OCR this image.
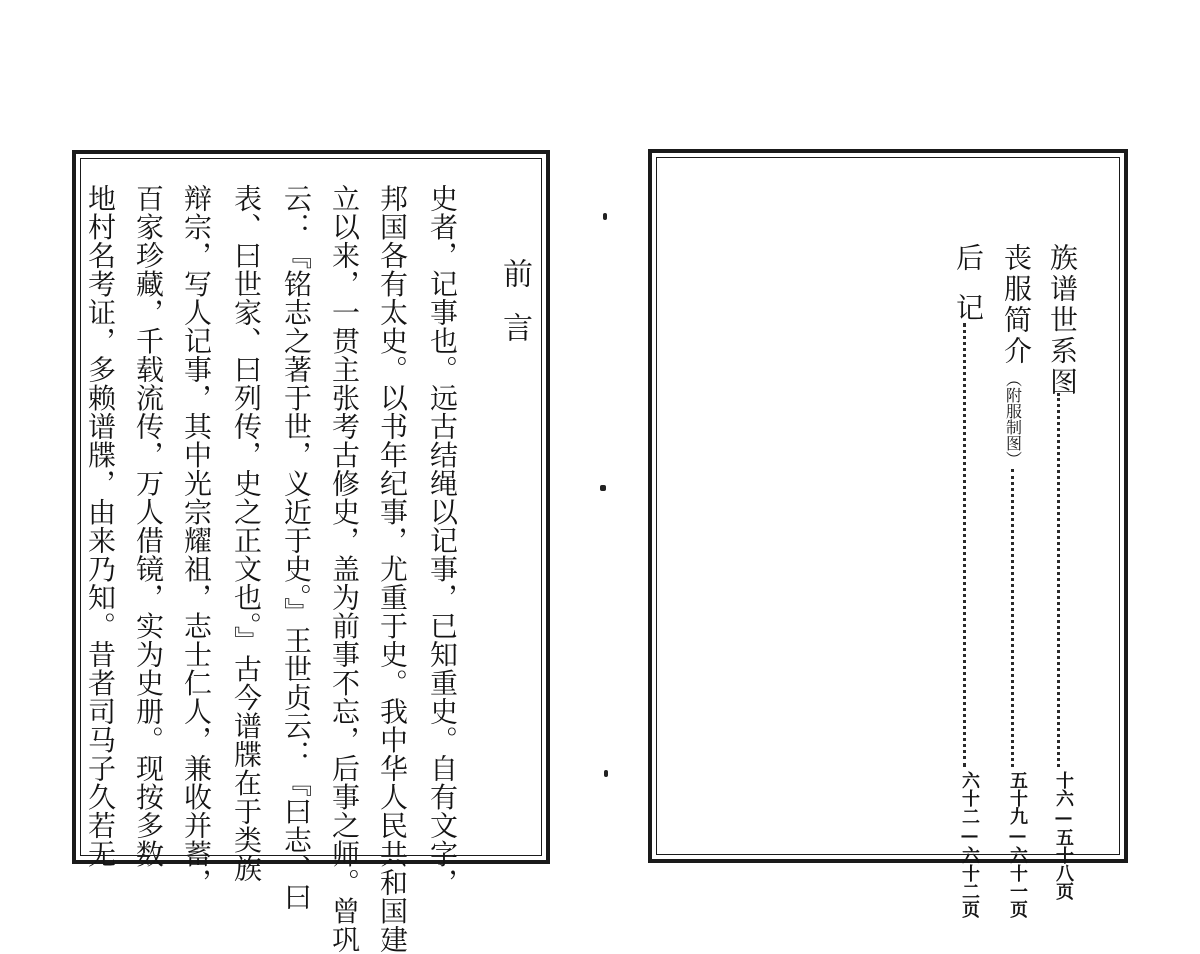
前言
史者，记事也。远古结绳以记事，已知重史。自有文字，
邦国各有太史。以书年纪事，尤重于史。我中华人民共和国建
立以来，一贯主张考古修史，盖为前事不忘，后事之师。曾巩
云：『铭志之著于世，义近于史。』王世贞云：『曰志、曰
表、曰世家、曰列传，史之正文也。』古今谱牒在于类族
辩宗，写人记事，其中光宗耀祖，志士仁人，兼收并蓄，
百家珍藏，千载流传，万人借镜，实为史册。现按多数
地村名考证，多赖谱牒，由来乃知。昔者司马子久若无	族谱世系图
十六—五十八页
丧服简介
（附服制图）
五十九—六十一页
后记
六十二—六十二页
